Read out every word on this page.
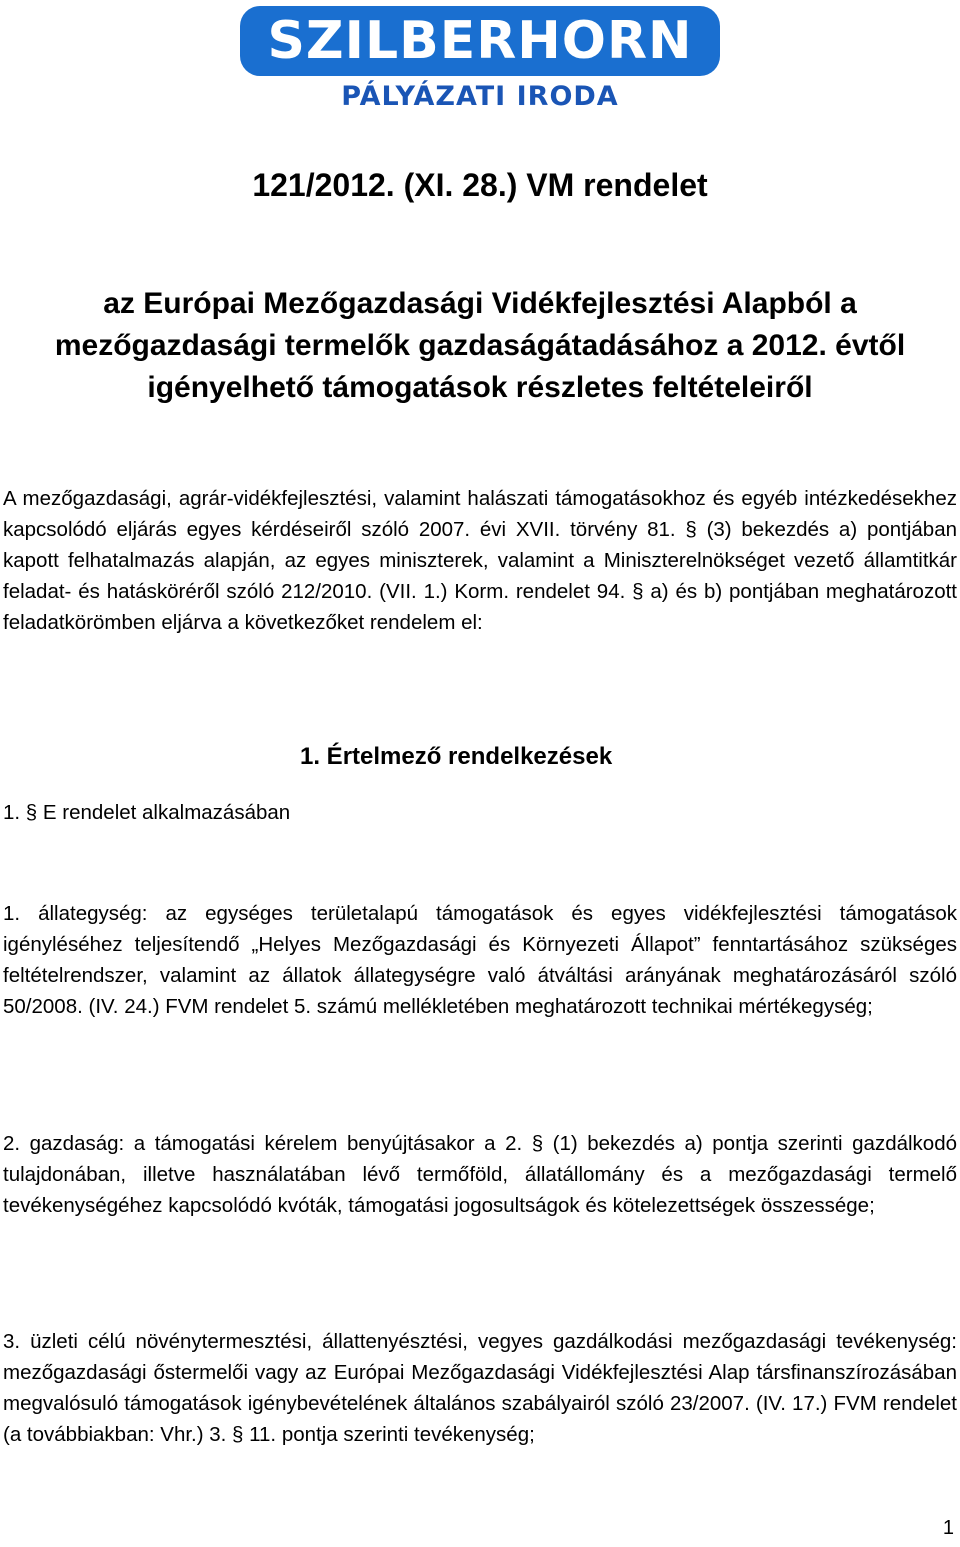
SZILBERHORN
PÁLYÁZATI IRODA
121/2012. (XI. 28.) VM rendelet
az Európai Mezőgazdasági Vidékfejlesztési Alapból a mezőgazdasági termelők gazdaságátadásához a 2012. évtől igényelhető támogatások részletes feltételeiről
A mezőgazdasági, agrár-vidékfejlesztési, valamint halászati támogatásokhoz és egyéb intézkedésekhez kapcsolódó eljárás egyes kérdéseiről szóló 2007. évi XVII. törvény 81. § (3) bekezdés a) pontjában kapott felhatalmazás alapján, az egyes miniszterek, valamint a Miniszterelnökséget vezető államtitkár feladat- és hatásköréről szóló 212/2010. (VII. 1.) Korm. rendelet 94. § a) és b) pontjában meghatározott feladatkörömben eljárva a következőket rendelem el:
1. Értelmező rendelkezések
1. § E rendelet alkalmazásában
1. állategység: az egységes területalapú támogatások és egyes vidékfejlesztési támogatások igényléséhez teljesítendő „Helyes Mezőgazdasági és Környezeti Állapot” fenntartásához szükséges feltételrendszer, valamint az állatok állategységre való átváltási arányának meghatározásáról szóló 50/2008. (IV. 24.) FVM rendelet 5. számú mellékletében meghatározott technikai mértékegység;
2. gazdaság: a támogatási kérelem benyújtásakor a 2. § (1) bekezdés a) pontja szerinti gazdálkodó tulajdonában, illetve használatában lévő termőföld, állatállomány és a mezőgazdasági termelő tevékenységéhez kapcsolódó kvóták, támogatási jogosultságok és kötelezettségek összessége;
3. üzleti célú növénytermesztési, állattenyésztési, vegyes gazdálkodási mezőgazdasági tevékenység: mezőgazdasági őstermelői vagy az Európai Mezőgazdasági Vidékfejlesztési Alap társfinanszírozásában megvalósuló támogatások igénybevételének általános szabályairól szóló 23/2007. (IV. 17.) FVM rendelet (a továbbiakban: Vhr.) 3. § 11. pontja szerinti tevékenység;
1
